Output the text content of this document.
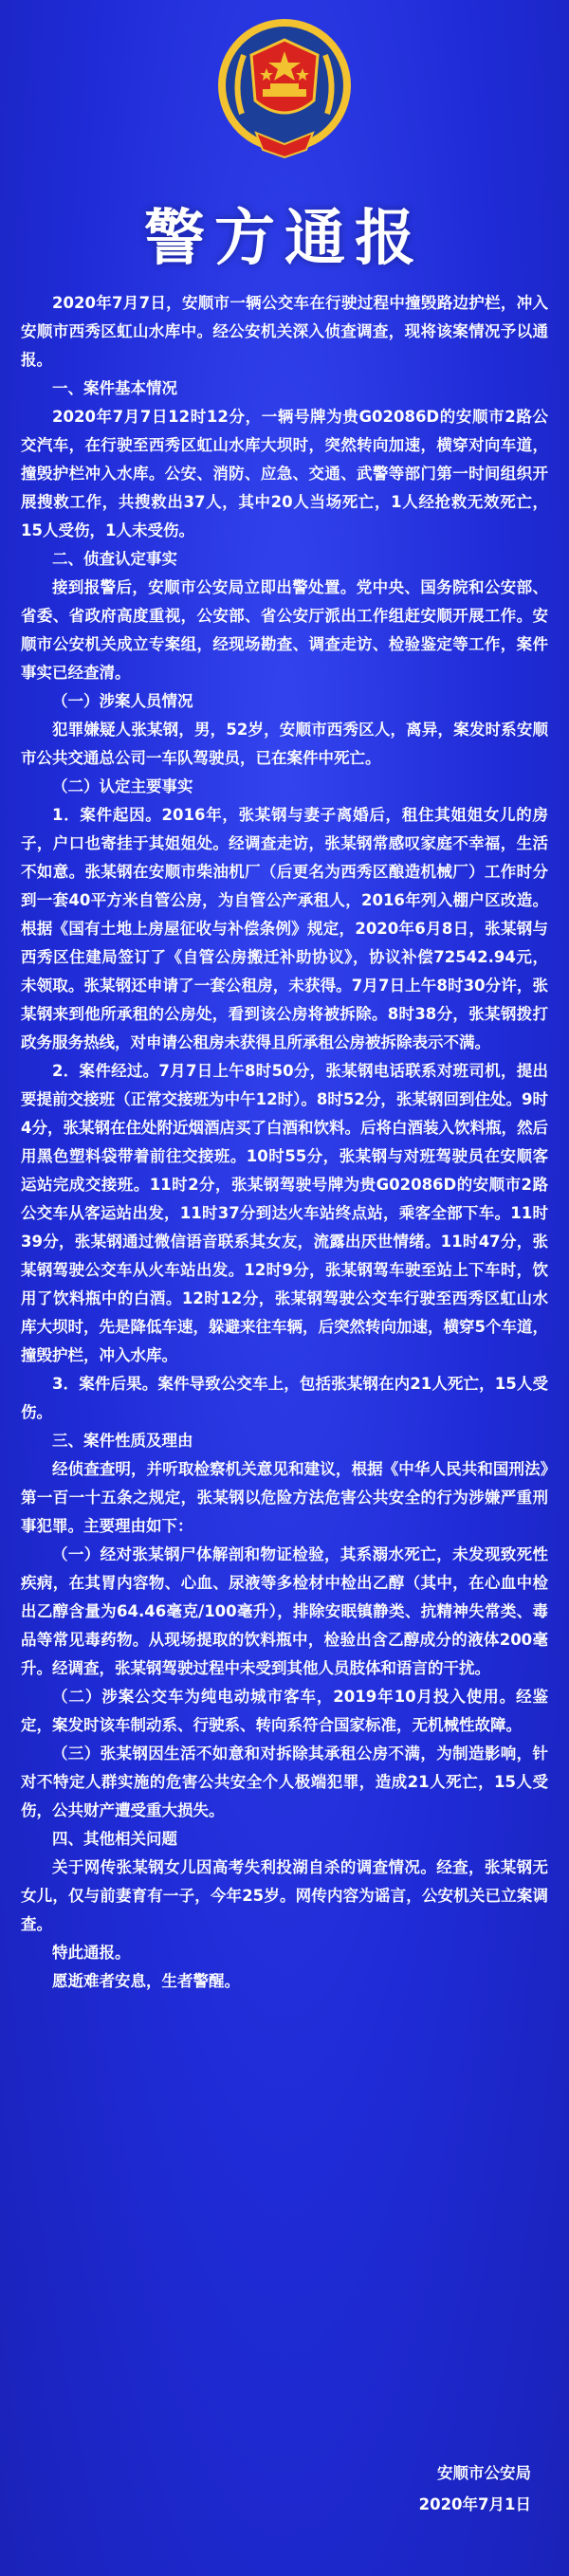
警方通报

2020年7月7日，安顺市一辆公交车在行驶过程中撞毁路边护栏，冲入安顺市西秀区虹山水库中。经公安机关深入侦查调查，现将该案情况予以通报。

一、案件基本情况

2020年7月7日12时12分，一辆号牌为贵G02086D的安顺市2路公交汽车，在行驶至西秀区虹山水库大坝时，突然转向加速，横穿对向车道，撞毁护栏冲入水库。公安、消防、应急、交通、武警等部门第一时间组织开展搜救工作，共搜救出37人，其中20人当场死亡，1人经抢救无效死亡，15人受伤，1人未受伤。

二、侦查认定事实

接到报警后，安顺市公安局立即出警处置。党中央、国务院和公安部、省委、省政府高度重视，公安部、省公安厅派出工作组赶安顺开展工作。安顺市公安机关成立专案组，经现场勘查、调查走访、检验鉴定等工作，案件事实已经查清。

（一）涉案人员情况

犯罪嫌疑人张某钢，男，52岁，安顺市西秀区人，离异，案发时系安顺市公共交通总公司一车队驾驶员，已在案件中死亡。

（二）认定主要事实

1．案件起因。2016年，张某钢与妻子离婚后，租住其姐姐女儿的房子，户口也寄挂于其姐姐处。经调查走访，张某钢常感叹家庭不幸福，生活不如意。张某钢在安顺市柴油机厂（后更名为西秀区酿造机械厂）工作时分到一套40平方米自管公房，为自管公产承租人，2016年列入棚户区改造。根据《国有土地上房屋征收与补偿条例》规定，2020年6月8日，张某钢与西秀区住建局签订了《自管公房搬迁补助协议》，协议补偿72542.94元，未领取。张某钢还申请了一套公租房，未获得。7月7日上午8时30分许，张某钢来到他所承租的公房处，看到该公房将被拆除。8时38分，张某钢拨打政务服务热线，对申请公租房未获得且所承租公房被拆除表示不满。

2．案件经过。7月7日上午8时50分，张某钢电话联系对班司机，提出要提前交接班（正常交接班为中午12时）。8时52分，张某钢回到住处。9时4分，张某钢在住处附近烟酒店买了白酒和饮料。后将白酒装入饮料瓶，然后用黑色塑料袋带着前往交接班。10时55分，张某钢与对班驾驶员在安顺客运站完成交接班。11时2分，张某钢驾驶号牌为贵G02086D的安顺市2路公交车从客运站出发，11时37分到达火车站终点站，乘客全部下车。11时39分，张某钢通过微信语音联系其女友，流露出厌世情绪。11时47分，张某钢驾驶公交车从火车站出发。12时9分，张某钢驾车驶至站上下车时，饮用了饮料瓶中的白酒。12时12分，张某钢驾驶公交车行驶至西秀区虹山水库大坝时，先是降低车速，躲避来往车辆，后突然转向加速，横穿5个车道，撞毁护栏，冲入水库。

3．案件后果。案件导致公交车上，包括张某钢在内21人死亡，15人受伤。

三、案件性质及理由

经侦查查明，并听取检察机关意见和建议，根据《中华人民共和国刑法》第一百一十五条之规定，张某钢以危险方法危害公共安全的行为涉嫌严重刑事犯罪。主要理由如下：

（一）经对张某钢尸体解剖和物证检验，其系溺水死亡，未发现致死性疾病，在其胃内容物、心血、尿液等多检材中检出乙醇（其中，在心血中检出乙醇含量为64.46毫克/100毫升），排除安眠镇静类、抗精神失常类、毒品等常见毒药物。从现场提取的饮料瓶中，检验出含乙醇成分的液体200毫升。经调查，张某钢驾驶过程中未受到其他人员肢体和语言的干扰。

（二）涉案公交车为纯电动城市客车，2019年10月投入使用。经鉴定，案发时该车制动系、行驶系、转向系符合国家标准，无机械性故障。

（三）张某钢因生活不如意和对拆除其承租公房不满，为制造影响，针对不特定人群实施的危害公共安全个人极端犯罪，造成21人死亡，15人受伤，公共财产遭受重大损失。

四、其他相关问题

关于网传张某钢女儿因高考失利投湖自杀的调查情况。经查，张某钢无女儿，仅与前妻育有一子，今年25岁。网传内容为谣言，公安机关已立案调查。

特此通报。

愿逝难者安息，生者警醒。

安顺市公安局
2020年7月1日
